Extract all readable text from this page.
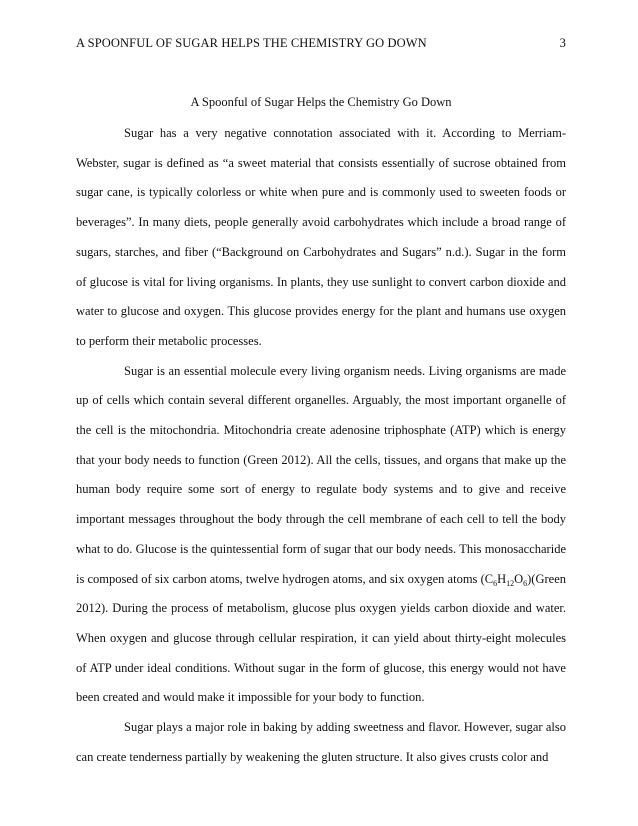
A SPOONFUL OF SUGAR HELPS THE CHEMISTRY GO DOWN	3
A Spoonful of Sugar Helps the Chemistry Go Down

Sugar has a very negative connotation associated with it. According to Merriam-Webster, sugar is defined as “a sweet material that consists essentially of sucrose obtained from sugar cane, is typically colorless or white when pure and is commonly used to sweeten foods or beverages”. In many diets, people generally avoid carbohydrates which include a broad range of sugars, starches, and fiber (“Background on Carbohydrates and Sugars” n.d.). Sugar in the form of glucose is vital for living organisms. In plants, they use sunlight to convert carbon dioxide and water to glucose and oxygen. This glucose provides energy for the plant and humans use oxygen to perform their metabolic processes.

Sugar is an essential molecule every living organism needs. Living organisms are made up of cells which contain several different organelles. Arguably, the most important organelle of the cell is the mitochondria. Mitochondria create adenosine triphosphate (ATP) which is energy that your body needs to function (Green 2012). All the cells, tissues, and organs that make up the human body require some sort of energy to regulate body systems and to give and receive important messages throughout the body through the cell membrane of each cell to tell the body what to do. Glucose is the quintessential form of sugar that our body needs. This monosaccharide is composed of six carbon atoms, twelve hydrogen atoms, and six oxygen atoms $(C_6H_{12}O_6)(Green$ 2012). During the process of metabolism, glucose plus oxygen yields carbon dioxide and water. When oxygen and glucose through cellular respiration, it can yield about thirty-eight molecules of ATP under ideal conditions. Without sugar in the form of glucose, this energy would not have been created and would make it impossible for your body to function.

Sugar plays a major role in baking by adding sweetness and flavor. However, sugar also can create tenderness partially by weakening the gluten structure. It also gives crusts color and
